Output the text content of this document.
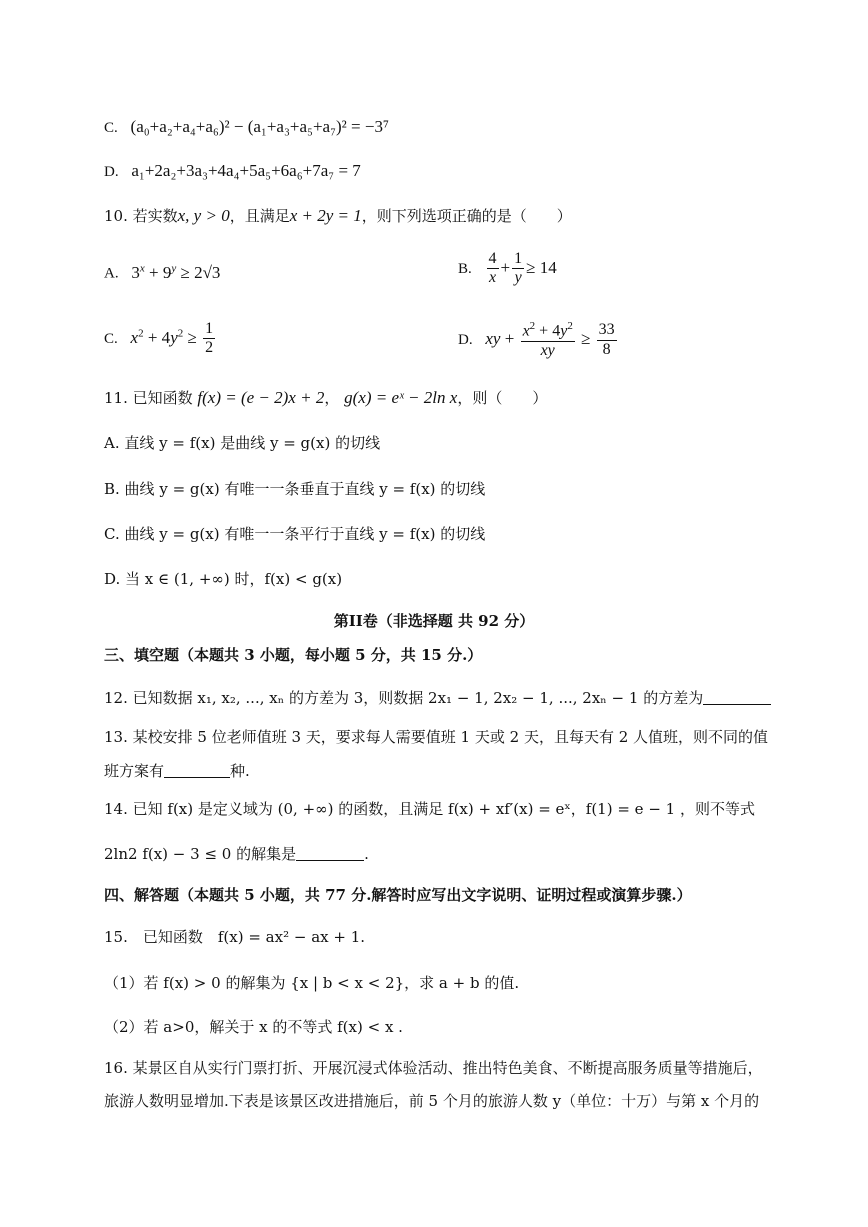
C. (a₀+a₂+a₄+a₆)² − (a₁+a₃+a₅+a₇)² = −3⁷
D. a₁+2a₂+3a₃+4a₄+5a₅+6a₆+7a₇ = 7
10. 若实数x, y > 0，且满足x + 2y = 1，则下列选项正确的是（　　）
A. $3^x + 9^y \ge 2√3$	B. $\frac{4}{x} + \frac{1}{y} \ge 14$
C. $x^2 + 4y^2 \ge \frac{1}{2}$	D. xy + $\frac{x^2 + 4y^2}{xy} \ge \frac{33}{8}$
11. 已知函数 f(x) = (e − 2)x + 2， g(x) = eˣ − 2ln x，则（　　）
A. 直线 y = f(x) 是曲线 y = g(x) 的切线
B. 曲线 y = g(x) 有唯一一条垂直于直线 y = f(x) 的切线
C. 曲线 y = g(x) 有唯一一条平行于直线 y = f(x) 的切线
D. 当 x ∈ (1, +∞) 时，f(x) < g(x)
第II卷（非选择题 共 92 分）
三、填空题（本题共 3 小题，每小题 5 分，共 15 分.）
12. 已知数据 x₁, x₂, ..., xₙ 的方差为 3，则数据 2x₁ − 1, 2x₂ − 1, ..., 2xₙ − 1 的方差为
13. 某校安排 5 位老师值班 3 天，要求每人需要值班 1 天或 2 天，且每天有 2 人值班，则不同的值
班方案有	种.
14. 已知 f(x) 是定义域为 (0, +∞) 的函数，且满足 f(x) + xf′(x) = eˣ，f(1) = e − 1 ，则不等式
2ln2 f(x) − 3 ≤ 0 的解集是	.
四、解答题（本题共 5 小题，共 77 分.解答时应写出文字说明、证明过程或演算步骤.）
15.　已知函数　f(x) = ax² − ax + 1.
（1）若 f(x) > 0 的解集为 {x | b < x < 2}，求 a + b 的值.
（2）若 a>0，解关于 x 的不等式 f(x) < x .
16. 某景区自从实行门票打折、开展沉浸式体验活动、推出特色美食、不断提高服务质量等措施后，旅游人数明显增加.下表是该景区改进措施后，前 5 个月的旅游人数 y（单位：十万）与第 x 个月的
